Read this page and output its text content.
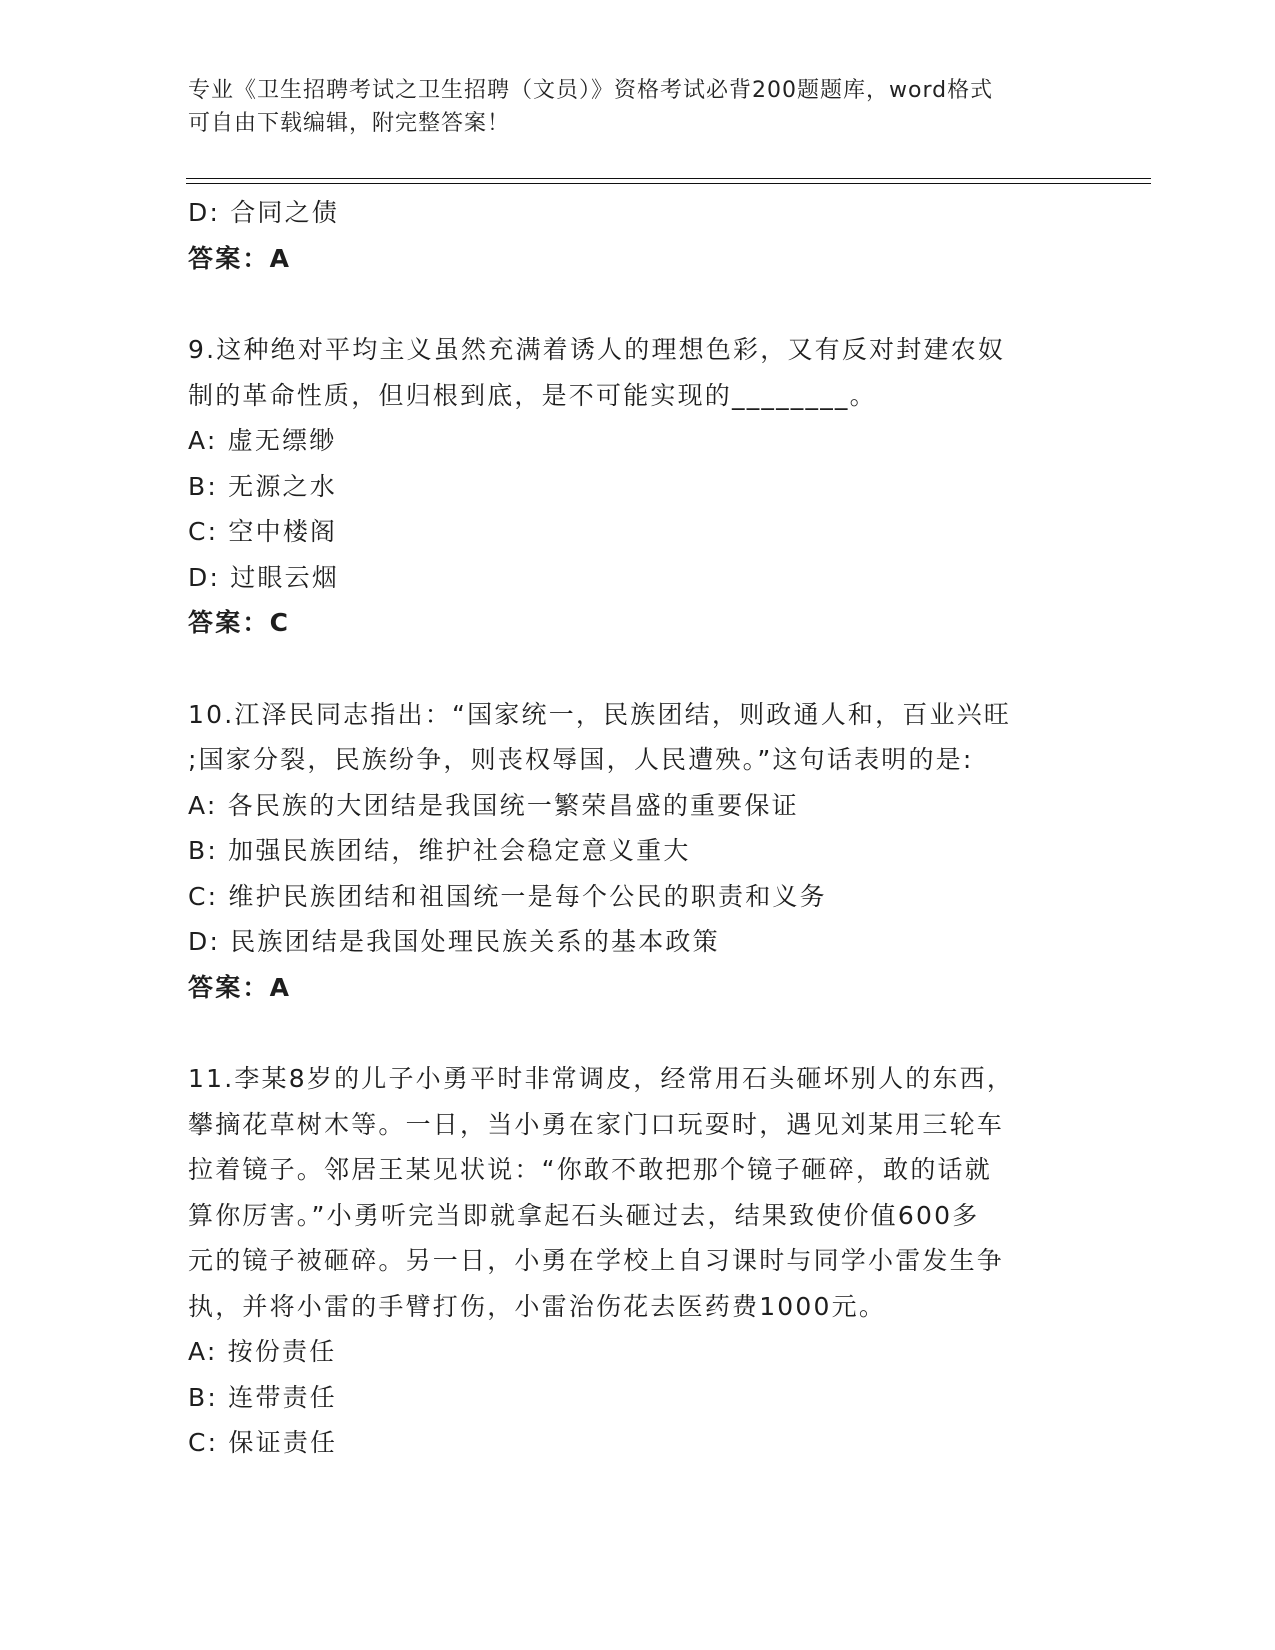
专业《卫生招聘考试之卫生招聘（文员）》资格考试必背200题题库，word格式
可自由下载编辑，附完整答案！
D: 合同之债
答案：A
9.这种绝对平均主义虽然充满着诱人的理想色彩，又有反对封建农奴
制的革命性质，但归根到底，是不可能实现的________。
A: 虚无缥缈
B: 无源之水
C: 空中楼阁
D: 过眼云烟
答案：C
10.江泽民同志指出：“国家统一，民族团结，则政通人和，百业兴旺
;国家分裂，民族纷争，则丧权辱国，人民遭殃。”这句话表明的是:
A: 各民族的大团结是我国统一繁荣昌盛的重要保证
B: 加强民族团结，维护社会稳定意义重大
C: 维护民族团结和祖国统一是每个公民的职责和义务
D: 民族团结是我国处理民族关系的基本政策
答案：A
11.李某8岁的儿子小勇平时非常调皮，经常用石头砸坏别人的东西，
攀摘花草树木等。一日，当小勇在家门口玩耍时，遇见刘某用三轮车
拉着镜子。邻居王某见状说：“你敢不敢把那个镜子砸碎，敢的话就
算你厉害。”小勇听完当即就拿起石头砸过去，结果致使价值600多
元的镜子被砸碎。另一日，小勇在学校上自习课时与同学小雷发生争
执，并将小雷的手臂打伤，小雷治伤花去医药费1000元。
A: 按份责任
B: 连带责任
C: 保证责任
